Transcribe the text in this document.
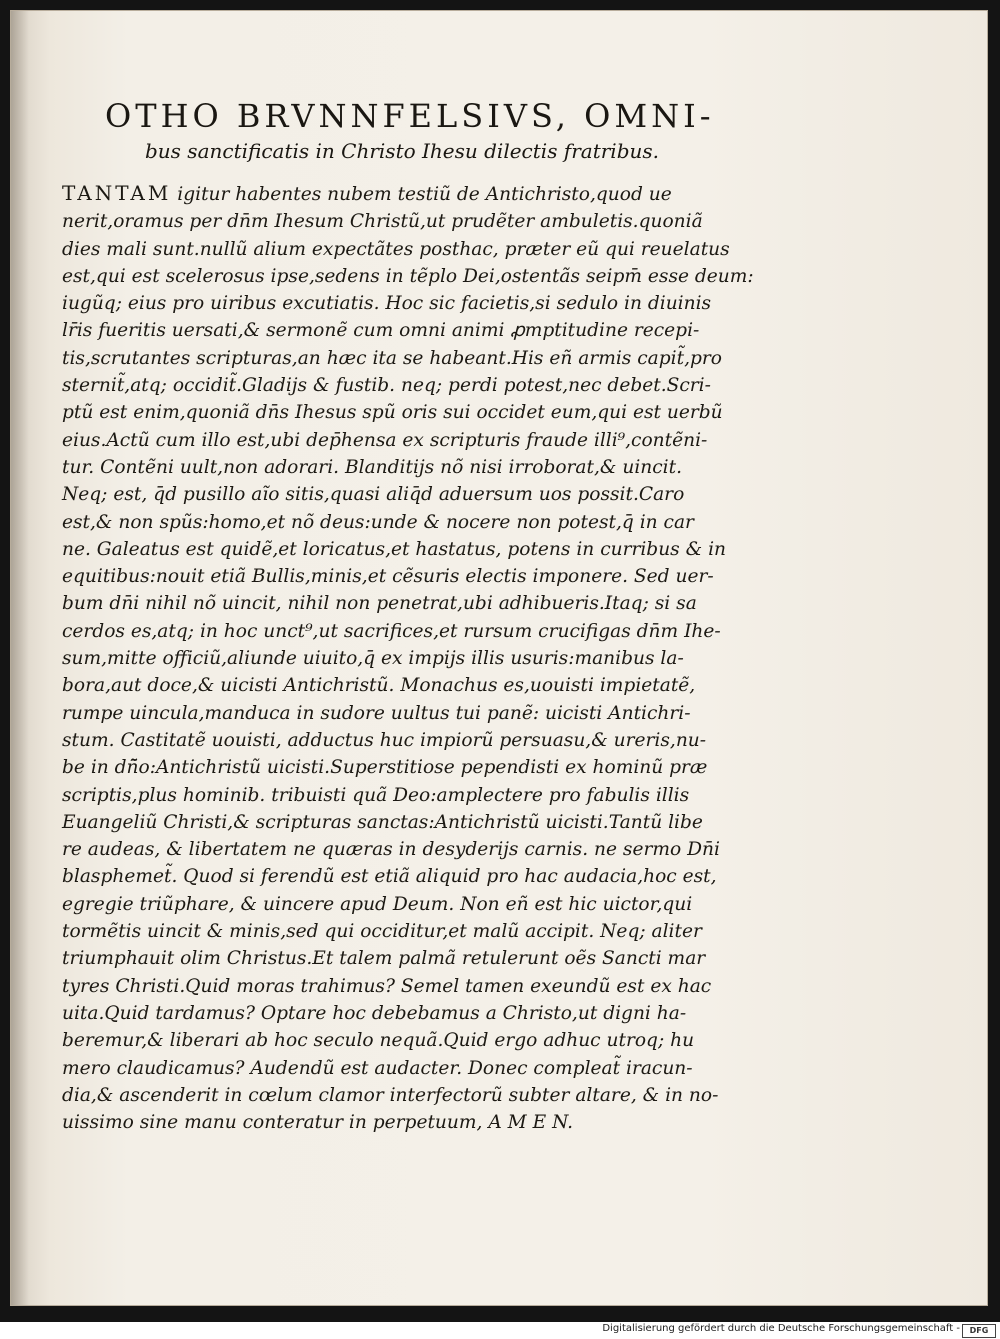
OTHO BRVNNFELSIVS, OMNI-
bus sanctificatis in Christo Ihesu dilectis fratribus.
TANTAM igitur habentes nubem testiũ de Antichristo,quod ue
nerit,oramus per dn̄m Ihesum Christũ,ut prudẽter ambuletis.quoniã
dies mali sunt.nullũ alium expectãtes posthac, præter eũ qui reuelatus
est,qui est scelerosus ipse,sedens in tẽplo Dei,ostentãs seipm̄ esse deum:
iugũq; eius pro uiribus excutiatis. Hoc sic facietis,si sedulo in diuinis
lr̄is fueritis uersati,& sermonẽ cum omni animi ꝓmptitudine recepi-
tis,scrutantes scripturas,an hæc ita se habeant.His eñ armis capit̃,pro
sternit̃,atq; occidit̃.Gladijs & fustib. neq; perdi potest,nec debet.Scri-
ptũ est enim,quoniã dn̄s Ihesus spũ oris sui occidet eum,qui est uerbũ
eius.Actũ cum illo est,ubi dep̄hensa ex scripturis fraude illi⁹,contẽni-
tur. Contẽni uult,non adorari. Blanditijs nõ nisi irroborat,& uincit.
Neq; est, q̄d pusillo aĩo sitis,quasi aliq̄d aduersum uos possit.Caro
est,& non spũs:homo,et nõ deus:unde & nocere non potest,q̄ in car
ne. Galeatus est quidẽ,et loricatus,et hastatus, potens in curribus & in
equitibus:nouit etiã Bullis,minis,et cẽsuris electis imponere. Sed uer-
bum dn̄i nihil nõ uincit, nihil non penetrat,ubi adhibueris.Itaq; si sa
cerdos es,atq; in hoc unct⁹,ut sacrifices,et rursum crucifigas dn̄m Ihe-
sum,mitte officiũ,aliunde uiuito,q̄ ex impijs illis usuris:manibus la-
bora,aut doce,& uicisti Antichristũ. Monachus es,uouisti impietatẽ,
rumpe uincula,manduca in sudore uultus tui panẽ: uicisti Antichri-
stum. Castitatẽ uouisti, adductus huc impiorũ persuasu,& ureris,nu-
be in dñ̄o:Antichristũ uicisti.Superstitiose pependisti ex hominũ præ
scriptis,plus hominib. tribuisti quã Deo:amplectere pro fabulis illis
Euangeliũ Christi,& scripturas sanctas:Antichristũ uicisti.Tantũ libe
re audeas, & libertatem ne quæras in desyderijs carnis. ne sermo Dn̄i
blasphemet̃. Quod si ferendũ est etiã aliquid pro hac audacia,hoc est,
egregie triũphare, & uincere apud Deum. Non eñ est hic uictor,qui
tormẽtis uincit & minis,sed qui occiditur,et malũ accipit. Neq; aliter
triumphauit olim Christus.Et talem palmã retulerunt oẽs Sancti mar
tyres Christi.Quid moras trahimus? Semel tamen exeundũ est ex hac
uita.Quid tardamus? Optare hoc debebamus a Christo,ut digni ha-
beremur,& liberari ab hoc seculo nequã.Quid ergo adhuc utroq; hu
mero claudicamus? Audendũ est audacter. Donec compleat̃ iracun-
dia,& ascenderit in cœlum clamor interfectorũ subter altare, & in no-
uissimo sine manu conteratur in perpetuum, A M E N.
Digitalisierung gefördert durch die Deutsche Forschungsgemeinschaft -	DFG
